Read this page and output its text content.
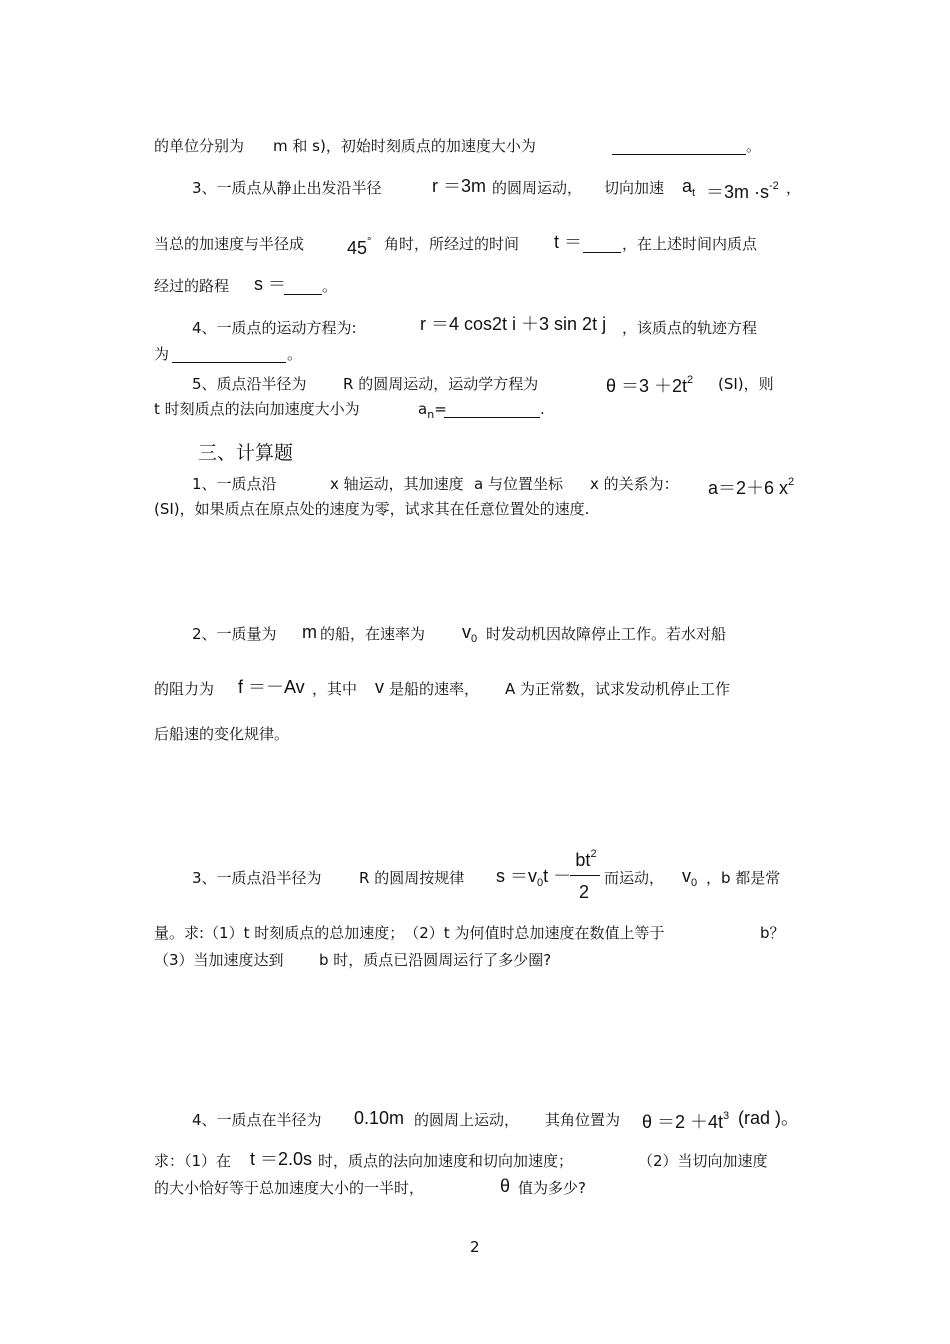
的单位分别为 m 和 s)，初始时刻质点的加速度大小为	。
3、一质点从静止出发沿半径	r ＝3m 的圆周运动， 切向加速 $a_t =3m \cdot s^{-2}$ ，
当总的加速度与半径成 45° 角时，所经过的时间 t ＝	，在上述时间内质点
经过的路程 s ＝ 。
4、一质点的运动方程为:	r ＝4 cos2t i ＋3 sin 2t j ，该质点的轨迹方程
为	。
5、质点沿半径为 R 的圆周运动，运动学方程为	$\theta =3 +2t^2$ (SI)，则
t 时刻质点的法向加速度大小为	$a_n=$	.
三、计算题
1、一质点沿	x 轴运动，其加速度 a 与位置坐标 x 的关系为： a＝2＋6 $x^2$
(SI)，如果质点在原点处的速度为零，试求其在任意位置处的速度.
2、一质量为 m 的船，在速率为 $v_0$ 时发动机因故障停止工作。若水对船
的阻力为 f ＝－Av ，其中 v 是船的速率， A 为正常数，试求发动机停止工作
后船速的变化规律。
3、一质点沿半径为 R 的圆周按规律 $s =v_0t$ －
$bt^2$
2
而运动， $v_0$ ，b 都是常
量。求:（1）t 时刻质点的总加速度；　（2）t 为何值时总加速度在数值上等于	b？
（3）当加速度达到 b 时，质点已沿圆周运行了多少圈?
4、一质点在半径为 0.10m 的圆周上运动， 其角位置为 $\theta =2 +4t^3$ (rad )。
求：（1）在 t ＝2.0s 时，质点的法向加速度和切向加速度；	（2）当切向加速度
的大小恰好等于总加速度大小的一半时，	θ 值为多少?
2
